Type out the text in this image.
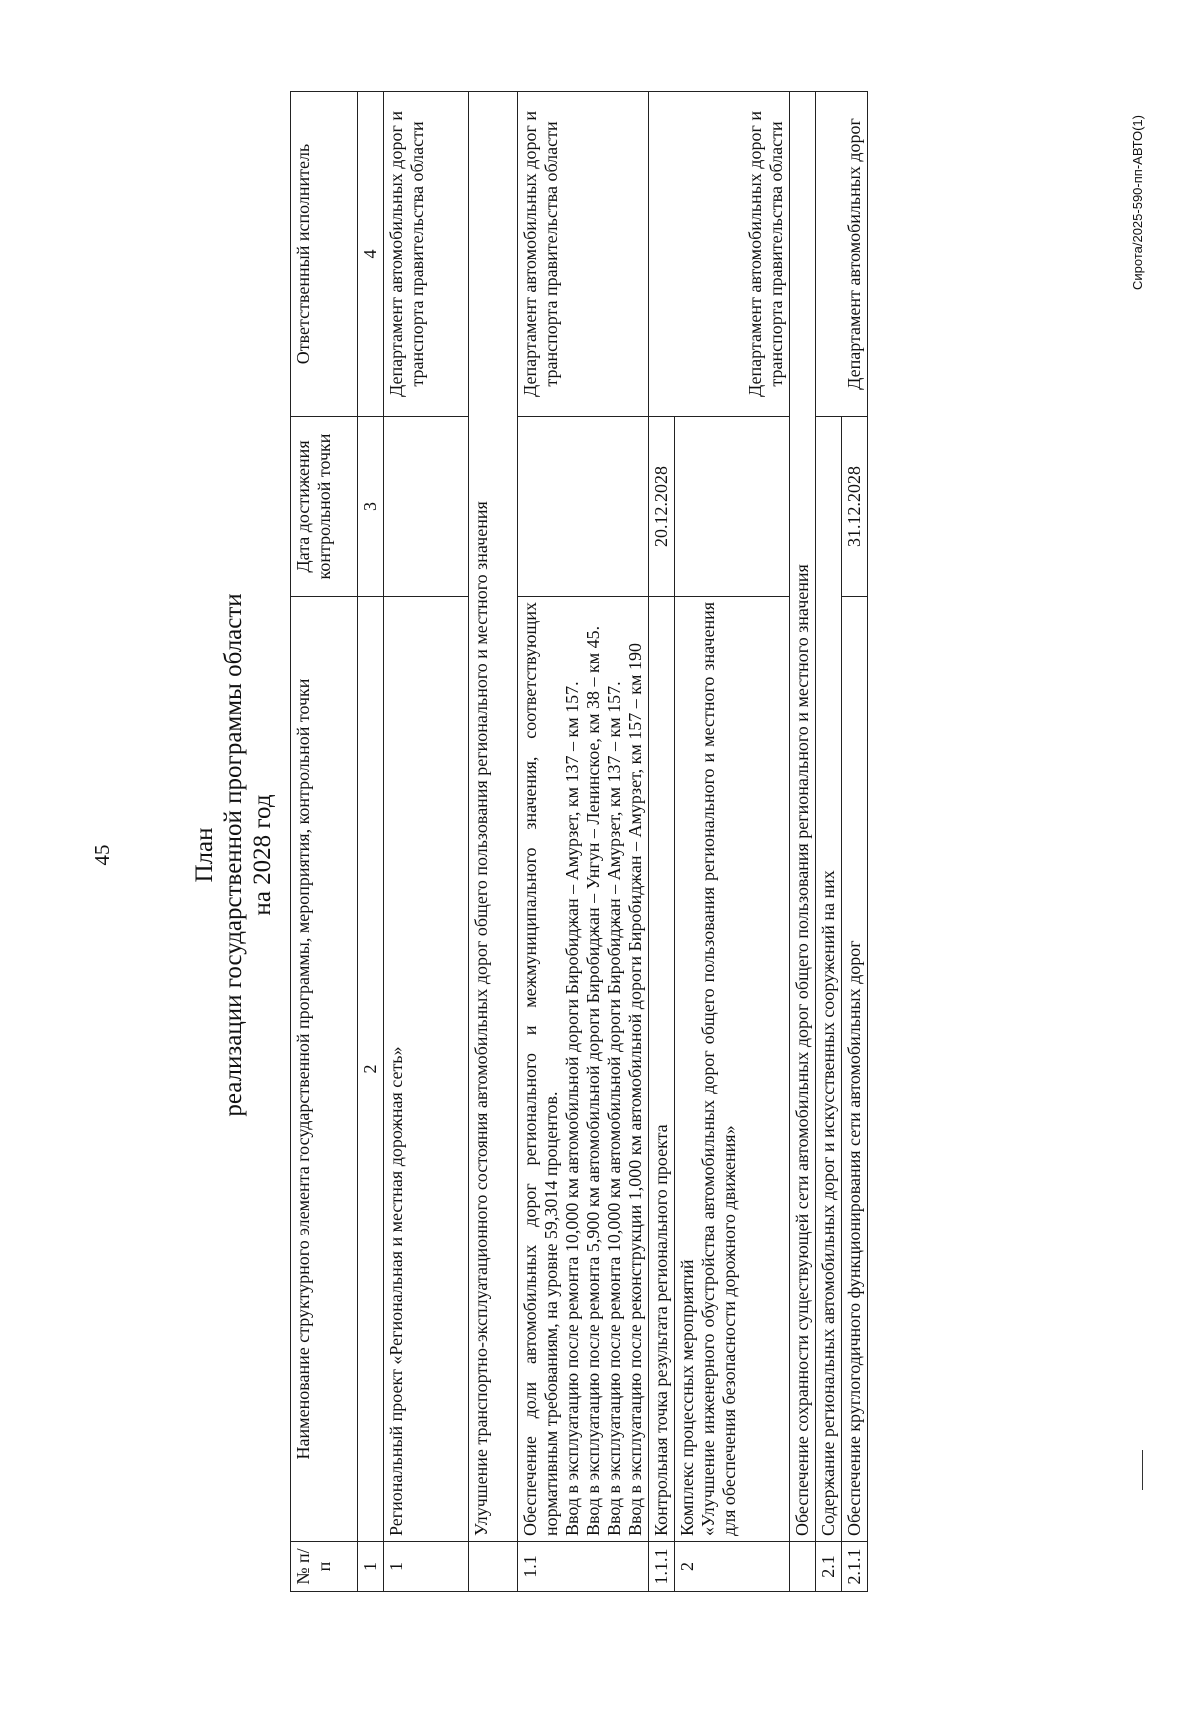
45	План реализации государственной программы области на 2028 год
№ п/п	Наименование структурного элемента государственной программы, мероприятия, контрольной точки	Дата достижения контрольной точки	Ответственный исполнитель
1	2	3	4
1	Региональный проект «Региональная и местная дорожная сеть»		Департамент автомобильных дорог и транспорта правительства области
	Улучшение транспортно-эксплуатационного состояния автомобильных дорог общего пользования регионального и местного значения		
1.1	Обеспечение доли автомобильных дорог регионального и межмуниципального значения, соответствующих нормативным требованиям, на уровне 59,3014 процентов. Ввод в эксплуатацию после ремонта 10,000 км автомобильной дороги Биробиджан – Амурзет, км 137 – км 157. Ввод в эксплуатацию после ремонта 5,900 км автомобильной дороги Биробиджан – Унгун – Ленинское, км 38 – км 45. Ввод в эксплуатацию после ремонта 10,000 км автомобильной дороги Биробиджан – Амурзет, км 137 – км 157. Ввод в эксплуатацию после реконструкции 1,000 км автомобильной дороги Биробиджан – Амурзет, км 157 – км 190		Департамент автомобильных дорог и транспорта правительства области
1.1.1	Контрольная точка результата регионального проекта	20.12.2028	
2	Комплекс процессных мероприятий «Улучшение инженерного обустройства автомобильных дорог общего пользования регионального и местного значения для обеспечения безопасности дорожного движения»		Департамент автомобильных дорог и транспорта правительства области
	Обеспечение сохранности существующей сети автомобильных дорог общего пользования регионального и местного значения		
2.1	Содержание региональных автомобильных дорог и искусственных сооружений на них		
2.1.1	Обеспечение круглогодичного функционирования сети автомобильных дорог	31.12.2028	Департамент автомобильных дорог	Сирота/2025-590-пп-АВТО(1)
